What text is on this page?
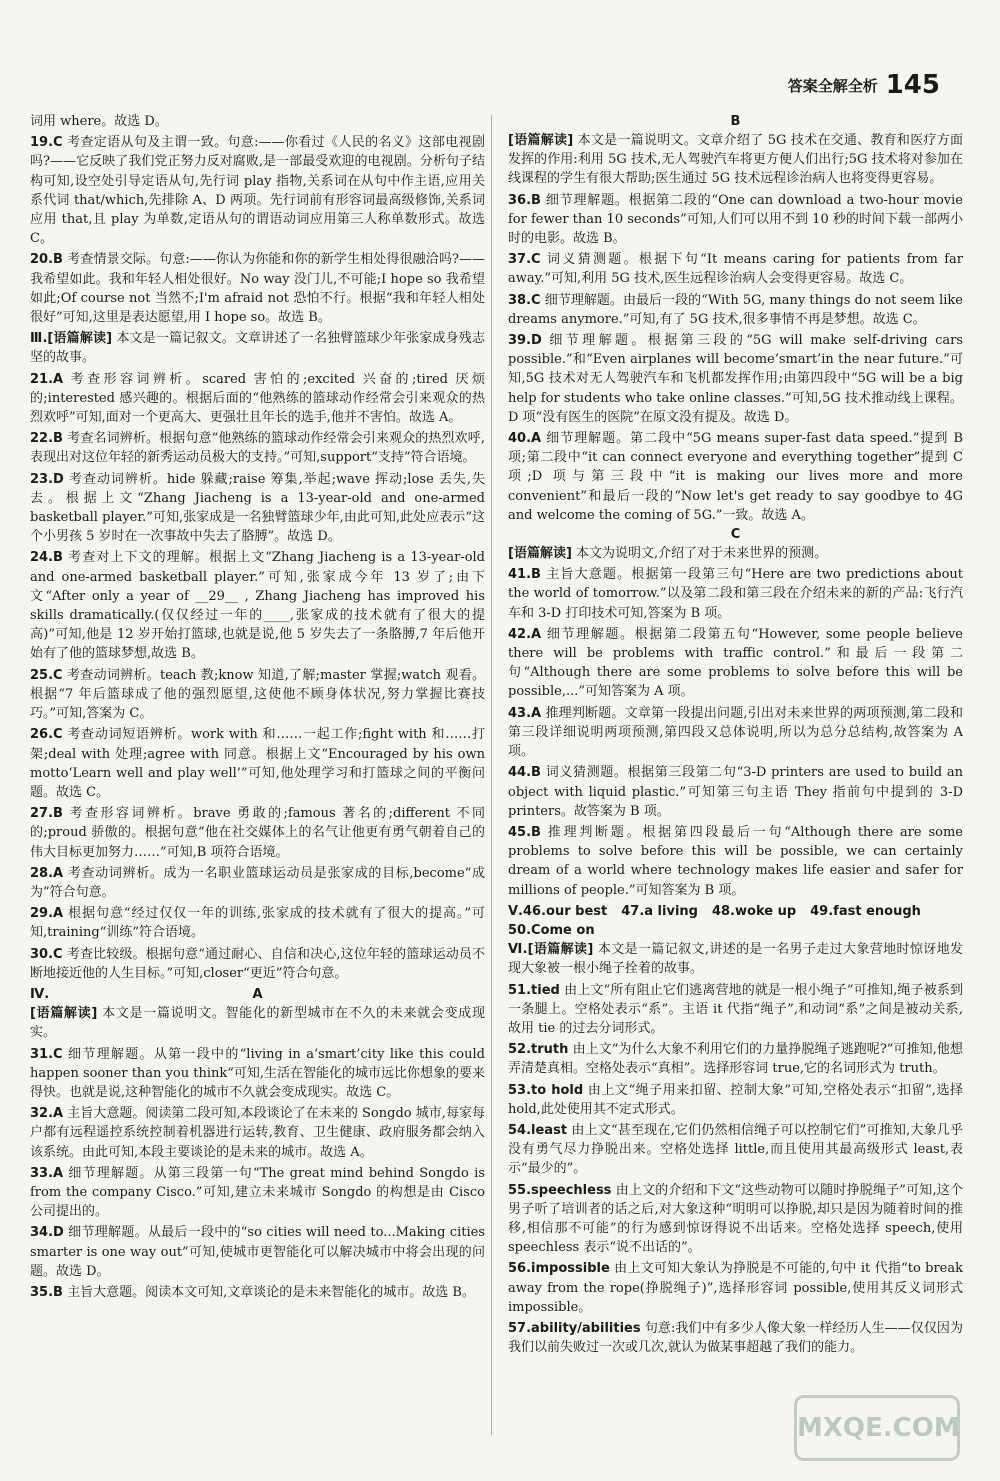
答案全解全析 145

词用 where。故选 D。

19.C 考查定语从句及主谓一致。句意:——你看过《人民的名义》这部电视剧吗?——它反映了我们党正努力反对腐败,是一部最受欢迎的电视剧。分析句子结构可知,设空处引导定语从句,先行词 play 指物,关系词在从句中作主语,应用关系代词 that/which,先排除 A、D 两项。先行词前有形容词最高级修饰,关系词应用 that,且 play 为单数,定语从句的谓语动词应用第三人称单数形式。故选 C。

20.B 考查情景交际。句意:——你认为你能和你的新学生相处得很融洽吗?——我希望如此。我和年轻人相处很好。No way 没门儿,不可能;I hope so 我希望如此;Of course not 当然不;I'm afraid not 恐怕不行。根据“我和年轻人相处很好”可知,这里是表达愿望,用 I hope so。故选 B。

Ⅲ.[语篇解读] 本文是一篇记叙文。文章讲述了一名独臂篮球少年张家成身残志坚的故事。

21.A 考查形容词辨析。scared 害怕的;excited 兴奋的;tired 厌烦的;interested 感兴趣的。根据后面的“他熟练的篮球动作经常会引来观众的热烈欢呼”可知,面对一个更高大、更强壮且年长的选手,他并不害怕。故选 A。

22.B 考查名词辨析。根据句意“他熟练的篮球动作经常会引来观众的热烈欢呼,表现出对这位年轻的新秀运动员极大的支持。”可知,support“支持”符合语境。

23.D 考查动词辨析。hide 躲藏;raise 筹集,举起;wave 挥动;lose 丢失,失去。根据上文“Zhang Jiacheng is a 13-year-old and one-armed basketball player.”可知,张家成是一名独臂篮球少年,由此可知,此处应表示“这个小男孩 5 岁时在一次事故中失去了胳膊”。故选 D。

24.B 考查对上下文的理解。根据上文“Zhang Jiacheng is a 13-year-old and one-armed basketball player.”可知,张家成今年 13 岁了;由下文“After only a year of __29__ , Zhang Jiacheng has improved his skills dramatically.(仅仅经过一年的____,张家成的技术就有了很大的提高)”可知,他是 12 岁开始打篮球,也就是说,他 5 岁失去了一条胳膊,7 年后他开始有了他的篮球梦想,故选 B。

25.C 考查动词辨析。teach 教;know 知道,了解;master 掌握;watch 观看。根据“7 年后篮球成了他的强烈愿望,这使他不顾身体状况,努力掌握比赛技巧。”可知,答案为 C。

26.C 考查动词短语辨析。work with 和……一起工作;fight with 和……打架;deal with 处理;agree with 同意。根据上文“Encouraged by his own motto‘Learn well and play well’”可知,他处理学习和打篮球之间的平衡问题。故选 C。

27.B 考查形容词辨析。brave 勇敢的;famous 著名的;different 不同的;proud 骄傲的。根据句意“他在社交媒体上的名气让他更有勇气朝着自己的伟大目标更加努力……”可知,B 项符合语境。

28.A 考查动词辨析。成为一名职业篮球运动员是张家成的目标,become“成为”符合句意。

29.A 根据句意“经过仅仅一年的训练,张家成的技术就有了很大的提高。”可知,training“训练”符合语境。

30.C 考查比较级。根据句意“通过耐心、自信和决心,这位年轻的篮球运动员不断地接近他的人生目标。”可知,closer“更近”符合句意。

Ⅳ.	A

[语篇解读] 本文是一篇说明文。智能化的新型城市在不久的未来就会变成现实。

31.C 细节理解题。从第一段中的“living in a‘smart’city like this could happen sooner than you think”可知,生活在智能化的城市远比你想象的要来得快。也就是说,这种智能化的城市不久就会变成现实。故选 C。

32.A 主旨大意题。阅读第二段可知,本段谈论了在未来的 Songdo 城市,每家每户都有远程遥控系统控制着机器进行运转,教育、卫生健康、政府服务都会纳入该系统。由此可知,本段主要谈论的是未来的城市。故选 A。

33.A 细节理解题。从第三段第一句“The great mind behind Songdo is from the company Cisco.”可知,建立未来城市 Songdo 的构想是由 Cisco 公司提出的。

34.D 细节理解题。从最后一段中的“so cities will need to...Making cities smarter is one way out”可知,使城市更智能化可以解决城市中将会出现的问题。故选 D。

35.B 主旨大意题。阅读本文可知,文章谈论的是未来智能化的城市。故选 B。

B

[语篇解读] 本文是一篇说明文。文章介绍了 5G 技术在交通、教育和医疗方面发挥的作用:利用 5G 技术,无人驾驶汽车将更方便人们出行;5G 技术将对参加在线课程的学生有很大帮助;医生通过 5G 技术远程诊治病人也将变得更容易。

36.B 细节理解题。根据第二段的“One can download a two-hour movie for fewer than 10 seconds”可知,人们可以用不到 10 秒的时间下载一部两小时的电影。故选 B。

37.C 词义猜测题。根据下句“It means caring for patients from far away.”可知,利用 5G 技术,医生远程诊治病人会变得更容易。故选 C。

38.C 细节理解题。由最后一段的“With 5G, many things do not seem like dreams anymore.”可知,有了 5G 技术,很多事情不再是梦想。故选 C。

39.D 细节理解题。根据第三段的“5G will make self-driving cars possible.”和“Even airplanes will become‘smart’in the near future.”可知,5G 技术对无人驾驶汽车和飞机都发挥作用;由第四段中“5G will be a big help for students who take online classes.”可知,5G 技术推动线上课程。D 项“没有医生的医院”在原文没有提及。故选 D。

40.A 细节理解题。第二段中“5G means super-fast data speed.”提到 B 项;第二段中“it can connect everyone and everything together”提到 C 项;D 项与第三段中“it is making our lives more and more convenient”和最后一段的“Now let's get ready to say goodbye to 4G and welcome the coming of 5G.”一致。故选 A。

C

[语篇解读] 本文为说明文,介绍了对于未来世界的预测。

41.B 主旨大意题。根据第一段第三句“Here are two predictions about the world of tomorrow.”以及第二段和第三段在介绍未来的新的产品:飞行汽车和 3-D 打印技术可知,答案为 B 项。

42.A 细节理解题。根据第二段第五句“However, some people believe there will be problems with traffic control.”和最后一段第二句“Although there are some problems to solve before this will be possible,...”可知答案为 A 项。

43.A 推理判断题。文章第一段提出问题,引出对未来世界的两项预测,第二段和第三段详细说明两项预测,第四段又总体说明,所以为总分总结构,故答案为 A 项。

44.B 词义猜测题。根据第三段第二句“3-D printers are used to build an object with liquid plastic.”可知第三句主语 They 指前句中提到的 3-D printers。故答案为 B 项。

45.B 推理判断题。根据第四段最后一句“Although there are some problems to solve before this will be possible, we can certainly dream of a world where technology makes life easier and safer for millions of people.”可知答案为 B 项。

Ⅴ.46.our best 47.a living 48.woke up 49.fast enough
50.Come on

Ⅵ.[语篇解读] 本文是一篇记叙文,讲述的是一名男子走过大象营地时惊讶地发现大象被一根小绳子拴着的故事。

51.tied 由上文“所有阻止它们逃离营地的就是一根小绳子”可推知,绳子被系到一条腿上。空格处表示“系”。主语 it 代指“绳子”,和动词“系”之间是被动关系,故用 tie 的过去分词形式。

52.truth 由上文“为什么大象不利用它们的力量挣脱绳子逃跑呢?”可推知,他想弄清楚真相。空格处表示“真相”。选择形容词 true,它的名词形式为 truth。

53.to hold 由上文“绳子用来扣留、控制大象”可知,空格处表示“扣留”,选择 hold,此处使用其不定式形式。

54.least 由上文“甚至现在,它们仍然相信绳子可以控制它们”可推知,大象几乎没有勇气尽力挣脱出来。空格处选择 little,而且使用其最高级形式 least,表示“最少的”。

55.speechless 由上文的介绍和下文“这些动物可以随时挣脱绳子”可知,这个男子听了培训者的话之后,对大象这种“明明可以挣脱,却只是因为随着时间的推移,相信那不可能”的行为感到惊讶得说不出话来。空格处选择 speech,使用 speechless 表示“说不出话的”。

56.impossible 由上文可知大象认为挣脱是不可能的,句中 it 代指“to break away from the rope(挣脱绳子)”,选择形容词 possible,使用其反义词形式 impossible。

57.ability/abilities 句意:我们中有多少人像大象一样经历人生——仅仅因为我们以前失败过一次或几次,就认为做某事超越了我们的能力。

MXQE.COM
